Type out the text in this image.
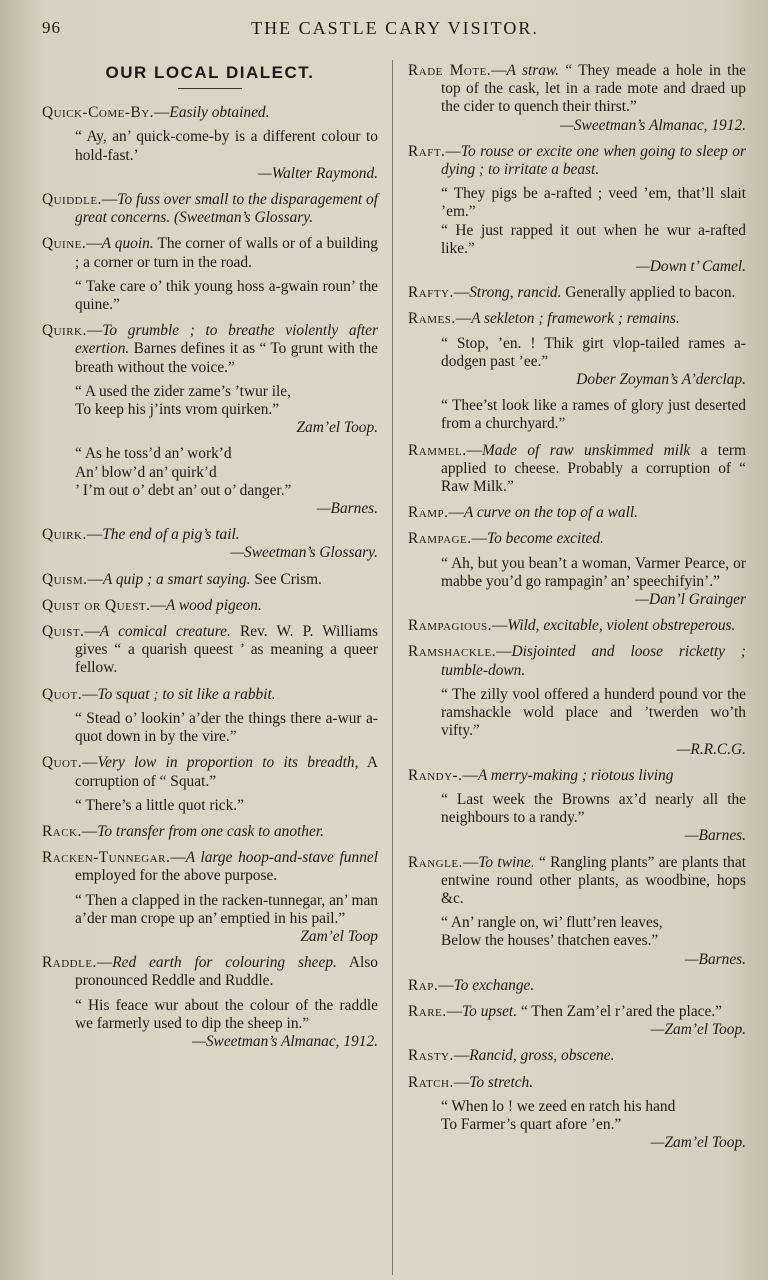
96	THE CASTLE CARY VISITOR.
OUR LOCAL DIALECT.

Quick-Come-By.—Easily obtained.

“ Ay, an’ quick-come-by is a different colour to hold-fast.’

—Walter Raymond.

Quiddle.—To fuss over small to the disparagement of great concerns. (Sweetman’s Glossary.

Quine.—A quoin. The corner of walls or of a building ; a corner or turn in the road.

“ Take care o’ thik young hoss a-gwain roun’ the quine.”

Quirk.—To grumble ; to breathe violently after exertion. Barnes defines it as “ To grunt with the breath without the voice.”

“ A used the zider zame’s ’twur ile,

To keep his j’ints vrom quirken.”

Zam’el Toop.

“ As he toss’d an’ work’d

An’ blow’d an’ quirk’d

’ I’m out o’ debt an’ out o’ danger.”

—Barnes.

Quirk.—The end of a pig’s tail.

—Sweetman’s Glossary.

Quism.—A quip ; a smart saying. See Crism.

Quist or Quest.—A wood pigeon.

Quist.—A comical creature. Rev. W. P. Williams gives “ a quarish queest ’ as meaning a queer fellow.

Quot.—To squat ; to sit like a rabbit.

“ Stead o’ lookin’ a’der the things there a-wur a-quot down in by the vire.”

Quot.—Very low in proportion to its breadth, A corruption of “ Squat.”

“ There’s a little quot rick.”

Rack.—To transfer from one cask to another.

Racken-Tunnegar.—A large hoop-and-stave funnel employed for the above purpose.

“ Then a clapped in the racken-tunnegar, an’ man a’der man crope up an’ emptied in his pail.”

Zam’el Toop

Raddle.—Red earth for colouring sheep. Also pronounced Reddle and Ruddle.

“ His feace wur about the colour of the raddle we farmerly used to dip the sheep in.”

—Sweetman’s Almanac, 1912.

Rade Mote.—A straw. “ They meade a hole in the top of the cask, let in a rade mote and draed up the cider to quench their thirst.”

—Sweetman’s Almanac, 1912.

Raft.—To rouse or excite one when going to sleep or dying ; to irritate a beast.

“ They pigs be a-rafted ; veed ’em, that’ll slait ’em.”

“ He just rapped it out when he wur a-rafted like.”

—Down t’ Camel.

Rafty.—Strong, rancid. Generally applied to bacon.

Rames.—A sekleton ; framework ; remains.

“ Stop, ’en. ! Thik girt vlop-tailed rames a-dodgen past ’ee.”

Dober Zoyman’s A’derclap.

“ Thee’st look like a rames of glory just deserted from a churchyard.”

Rammel.—Made of raw unskimmed milk a term applied to cheese. Probably a corruption of “ Raw Milk.”

Ramp.—A curve on the top of a wall.

Rampage.—To become excited.

“ Ah, but you bean’t a woman, Varmer Pearce, or mabbe you’d go rampagin’ an’ speechifyin’.”

—Dan’l Grainger

Rampagious.—Wild, excitable, violent obstreperous.

Ramshackle.—Disjointed and loose ricketty ; tumble-down.

“ The zilly vool offered a hunderd pound vor the ramshackle wold place and ’twerden wo’th vifty.”

—R.R.C.G.

Randy-.—A merry-making ; riotous living

“ Last week the Browns ax’d nearly all the neighbours to a randy.”

—Barnes.

Rangle.—To twine. “ Rangling plants” are plants that entwine round other plants, as woodbine, hops &c.

“ An’ rangle on, wi’ flutt’ren leaves,

Below the houses’ thatchen eaves.”

—Barnes.

Rap.—To exchange.

Rare.—To upset. “ Then Zam’el r’ared the place.”

—Zam’el Toop.

Rasty.—Rancid, gross, obscene.

Ratch.—To stretch.

“ When lo ! we zeed en ratch his hand

To Farmer’s quart afore ’en.”

—Zam’el Toop.
